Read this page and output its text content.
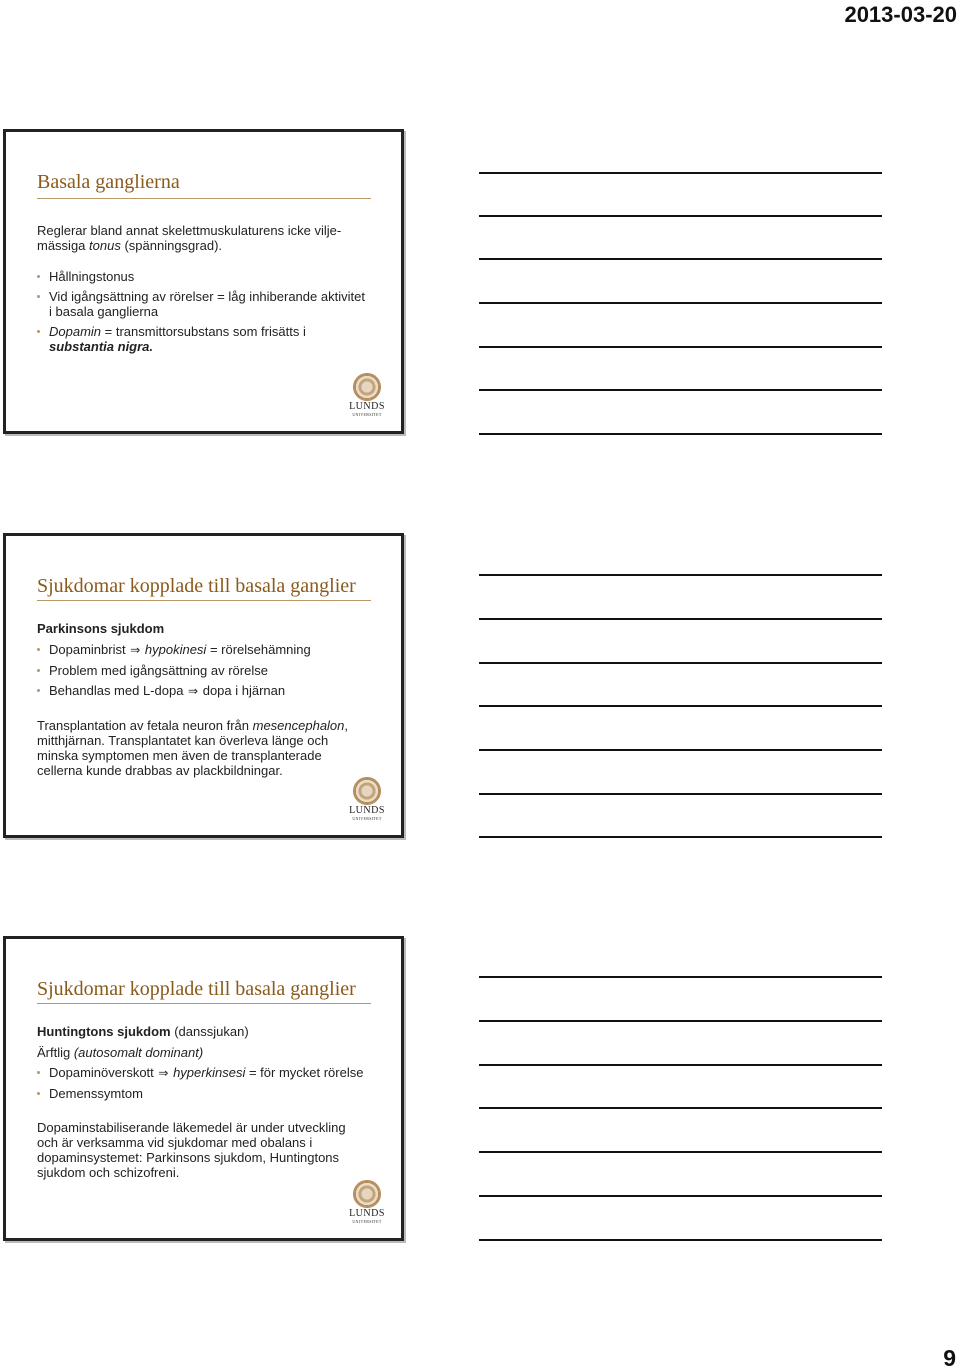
2013-03-20
Basala ganglierna

Reglerar bland annat skelettmuskulaturens icke vilje-mässiga tonus (spänningsgrad).

Hållningstonus
Vid igångsättning av rörelser = låg inhiberande aktivitet i basala ganglierna
Dopamin = transmittorsubstans som frisätts i substantia nigra.
LUNDS
UNIVERSITET
Sjukdomar kopplade till basala ganglier

Parkinsons sjukdom

Dopaminbrist ⇒ hypokinesi = rörelsehämning
Problem med igångsättning av rörelse
Behandlas med L-dopa ⇒ dopa i hjärnan

Transplantation av fetala neuron från mesencephalon, mitthjärnan. Transplantatet kan överleva länge och minska symptomen men även de transplanterade cellerna kunde drabbas av plackbildningar.

LUNDS
UNIVERSITET
Sjukdomar kopplade till basala ganglier

Huntingtons sjukdom (danssjukan)

Ärftlig (autosomalt dominant)

Dopaminöverskott ⇒ hyperkinsesi = för mycket rörelse
Demenssymtom

Dopaminstabiliserande läkemedel är under utveckling och är verksamma vid sjukdomar med obalans i dopaminsystemet: Parkinsons sjukdom, Huntingtons sjukdom och schizofreni.

LUNDS
UNIVERSITET
9
